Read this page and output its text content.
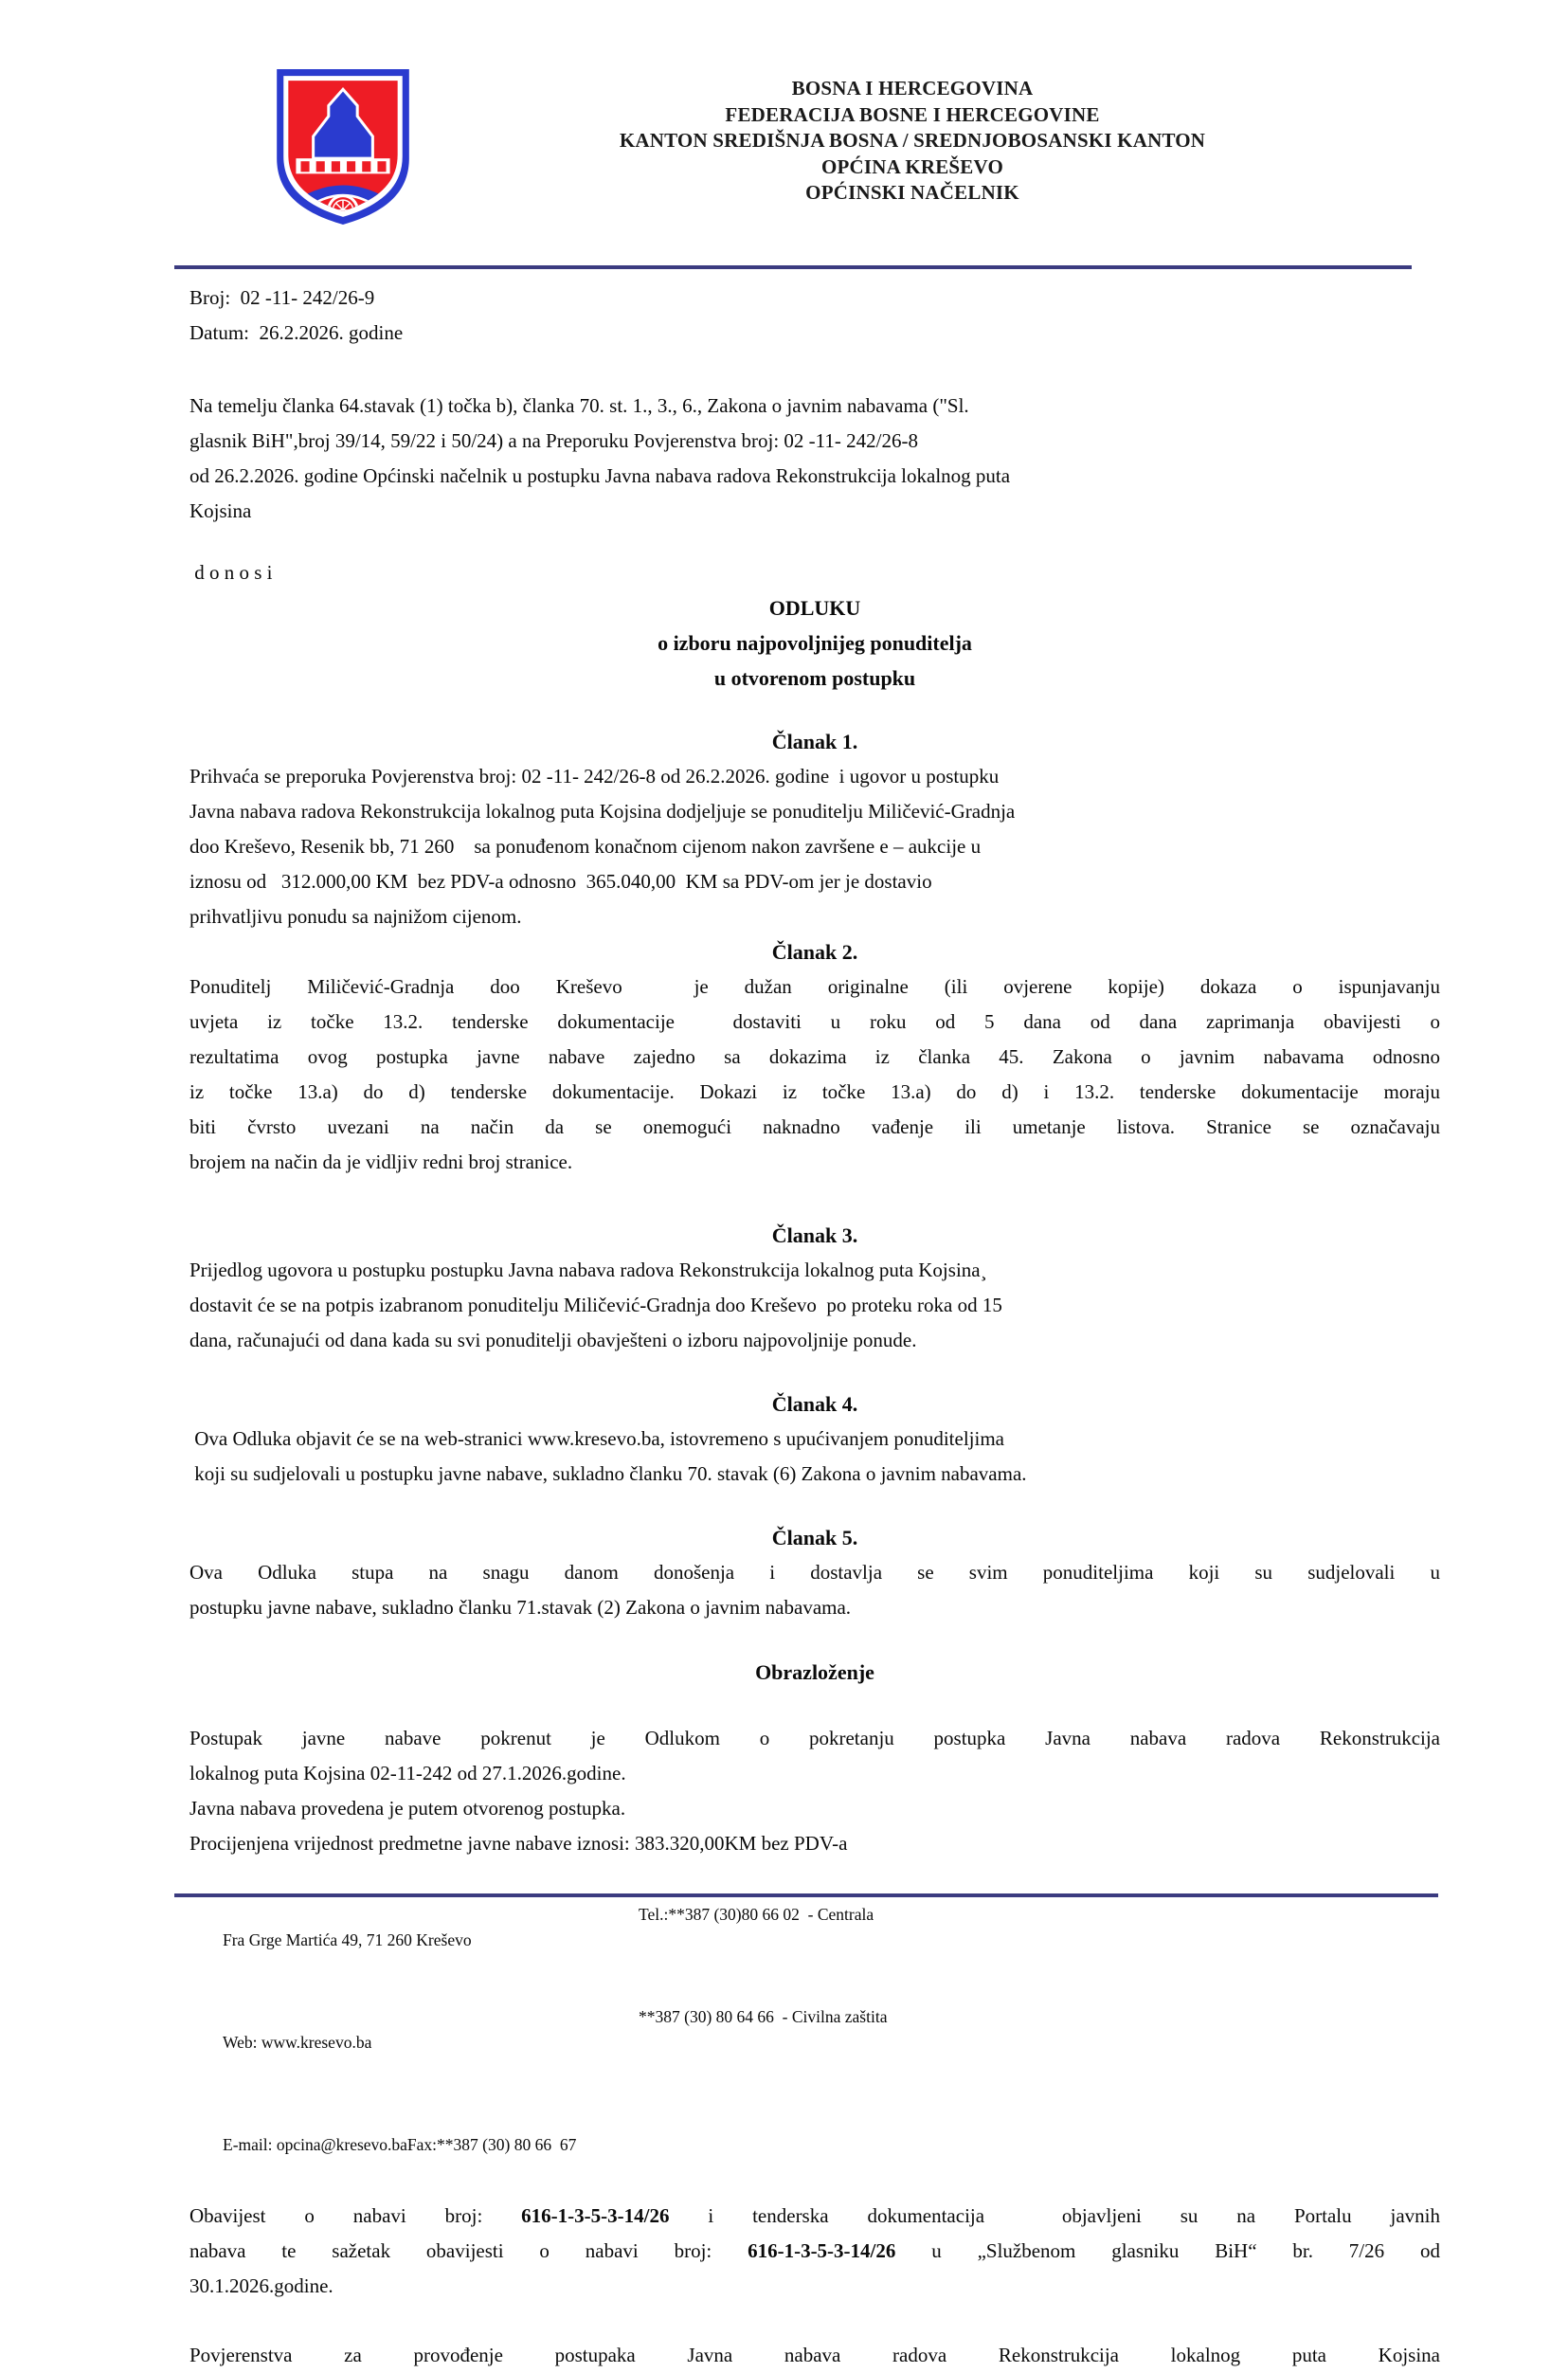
BOSNA I HERCEGOVINA
FEDERACIJA BOSNE I HERCEGOVINE
KANTON SREDIŠNJA BOSNA / SREDNJOBOSANSKI KANTON
OPĆINA KREŠEVO
OPĆINSKI NAČELNIK
Broj:  02 -11- 242/26-9
Datum:  26.2.2026. godine
Na temelju članka 64.stavak (1) točka b), članka 70. st. 1., 3., 6., Zakona o javnim nabavama ("Sl.
glasnik BiH",broj 39/14, 59/22 i 50/24) a na Preporuku Povjerenstva broj: 02 -11- 242/26-8
od 26.2.2026. godine Općinski načelnik u postupku Javna nabava radova Rekonstrukcija lokalnog puta
Kojsina
d o n o s i
ODLUKU
o izboru najpovoljnijeg ponuditelja
u otvorenom postupku
Članak 1.
Prihvaća se preporuka Povjerenstva broj: 02 -11- 242/26-8 od 26.2.2026. godine  i ugovor u postupku
Javna nabava radova Rekonstrukcija lokalnog puta Kojsina dodjeljuje se ponuditelju Miličević-Gradnja
doo Kreševo, Resenik bb, 71 260    sa ponuđenom konačnom cijenom nakon završene e – aukcije u
iznosu od   312.000,00 KM  bez PDV-a odnosno  365.040,00  KM sa PDV-om jer je dostavio
prihvatljivu ponudu sa najnižom cijenom.
Članak 2.
Ponuditelj Miličević-Gradnja doo Kreševo  je dužan originalne (ili ovjerene kopije) dokaza o ispunjavanju
uvjeta iz točke 13.2. tenderske dokumentacije  dostaviti u roku od 5 dana od dana zaprimanja obavijesti o
rezultatima ovog postupka javne nabave zajedno sa dokazima iz članka 45. Zakona o javnim nabavama odnosno
iz točke 13.a) do d) tenderske dokumentacije. Dokazi iz točke 13.a) do d) i 13.2. tenderske dokumentacije moraju
biti čvrsto uvezani na način da se onemogući naknadno vađenje ili umetanje listova. Stranice se označavaju
brojem na način da je vidljiv redni broj stranice.
Članak 3.
Prijedlog ugovora u postupku postupku Javna nabava radova Rekonstrukcija lokalnog puta Kojsina¸
dostavit će se na potpis izabranom ponuditelju Miličević-Gradnja doo Kreševo  po proteku roka od 15
dana, računajući od dana kada su svi ponuditelji obavješteni o izboru najpovoljnije ponude.
Članak 4.
Ova Odluka objavit će se na web-stranici www.kresevo.ba, istovremeno s upućivanjem ponuditeljima
koji su sudjelovali u postupku javne nabave, sukladno članku 70. stavak (6) Zakona o javnim nabavama.
Članak 5.
Ova Odluka stupa na snagu danom donošenja i dostavlja se svim ponuditeljima koji su sudjelovali u
postupku javne nabave, sukladno članku 71.stavak (2) Zakona o javnim nabavama.
Obrazloženje
Postupak javne nabave pokrenut je Odlukom o pokretanju postupka Javna nabava radova Rekonstrukcija
lokalnog puta Kojsina 02-11-242 od 27.1.2026.godine.
Javna nabava provedena je putem otvorenog postupka.
Procijenjena vrijednost predmetne javne nabave iznosi: 383.320,00KM bez PDV-a

Fra Grge Martića 49, 71 260 Kreševo

Tel.:**387 (30)80 66 02  - Centrala

Web: www.kresevo.ba

**387 (30) 80 64 66  - Civilna zaštita

E-mail: opcina@kresevo.baFax:**387 (30) 80 66  67

Obavijest o nabavi broj: 616-1-3-5-3-14/26 i tenderska dokumentacija  objavljeni su na Portalu javnih
nabava te sažetak obavijesti o nabavi broj: 616-1-3-5-3-14/26 u „Službenom glasniku BiH“ br. 7/26 od
30.1.2026.godine.
Povjerenstva za provođenje postupaka Javna nabava radova Rekonstrukcija lokalnog puta Kojsina
